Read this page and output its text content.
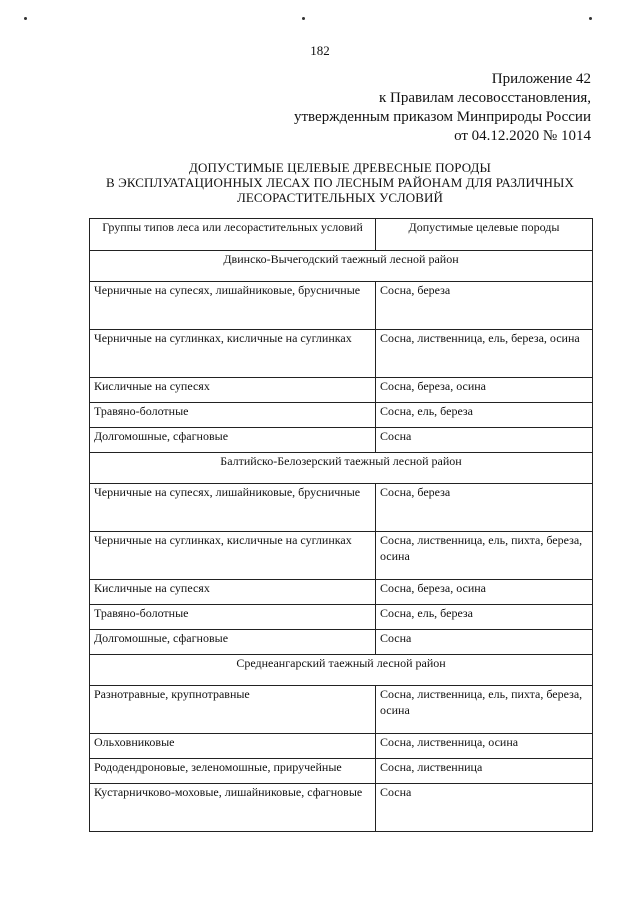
182
Приложение 42
к Правилам лесовосстановления,
утвержденным приказом Минприроды России
от 04.12.2020 № 1014
ДОПУСТИМЫЕ ЦЕЛЕВЫЕ ДРЕВЕСНЫЕ ПОРОДЫ
В ЭКСПЛУАТАЦИОННЫХ ЛЕСАХ ПО ЛЕСНЫМ РАЙОНАМ ДЛЯ РАЗЛИЧНЫХ
ЛЕСОРАСТИТЕЛЬНЫХ УСЛОВИЙ
Группы типов леса или лесорастительных условий	Допустимые целевые породы
Двинско-Вычегодский таежный лесной район	
Черничные на супесях, лишайниковые, брусничные	Сосна, береза
Черничные на суглинках, кисличные на суглинках	Сосна, лиственница, ель, береза, осина
Кисличные на супесях	Сосна, береза, осина
Травяно-болотные	Сосна, ель, береза
Долгомошные, сфагновые	Сосна
Балтийско-Белозерский таежный лесной район	
Черничные на супесях, лишайниковые, брусничные	Сосна, береза
Черничные на суглинках, кисличные на суглинках	Сосна, лиственница, ель, пихта, береза, осина
Кисличные на супесях	Сосна, береза, осина
Травяно-болотные	Сосна, ель, береза
Долгомошные, сфагновые	Сосна
Среднеангарский таежный лесной район	
Разнотравные, крупнотравные	Сосна, лиственница, ель, пихта, береза, осина
Ольховниковые	Сосна, лиственница, осина
Рододендроновые, зеленомошные, приручейные	Сосна, лиственница
Кустарничково-моховые, лишайниковые, сфагновые	Сосна
